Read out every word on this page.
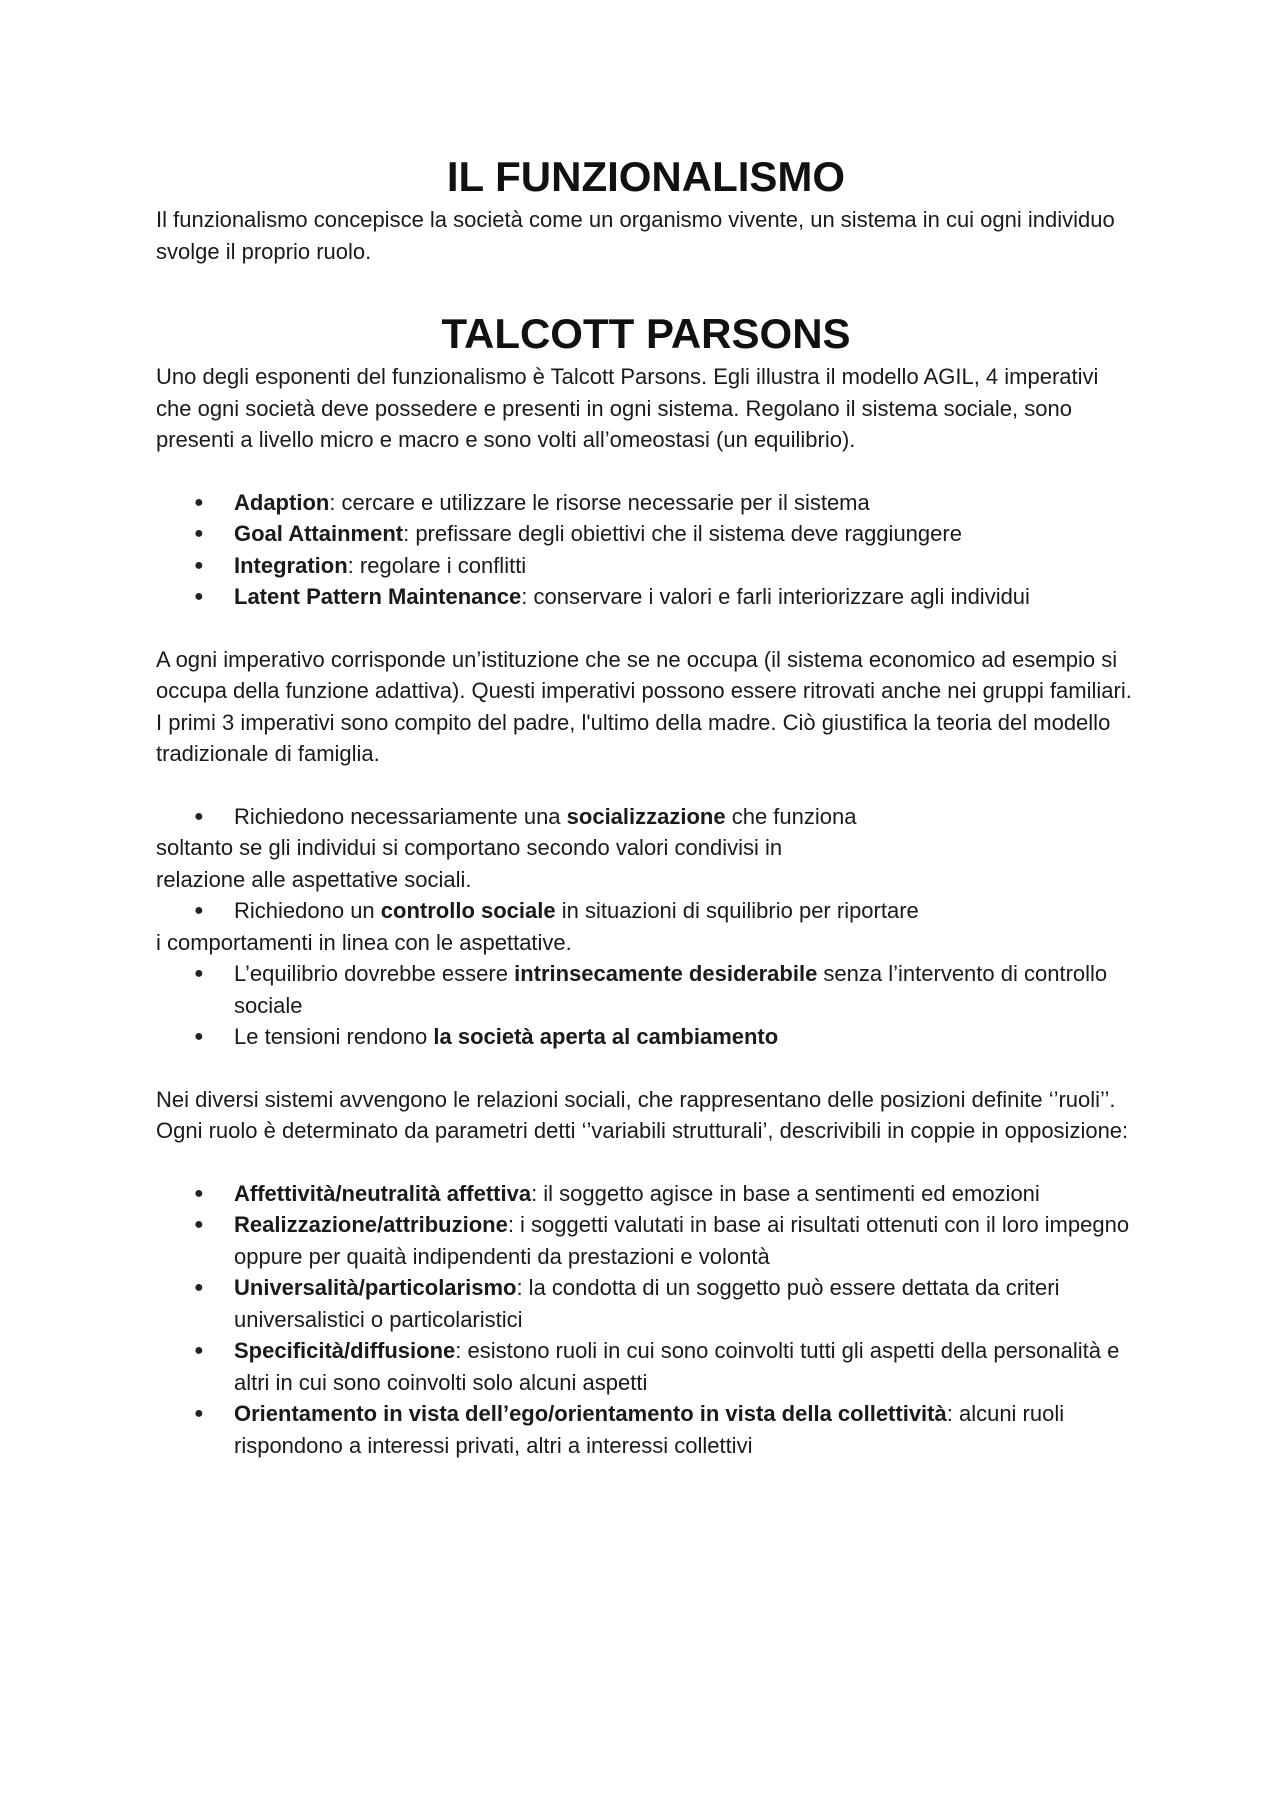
IL FUNZIONALISMO

Il funzionalismo concepisce la società come un organismo vivente, un sistema in cui ogni individuo svolge il proprio ruolo.

TALCOTT PARSONS

Uno degli esponenti del funzionalismo è Talcott Parsons. Egli illustra il modello AGIL, 4 imperativi che ogni società deve possedere e presenti in ogni sistema. Regolano il sistema sociale, sono presenti a livello micro e macro e sono volti all’omeostasi (un equilibrio).

● Adaption: cercare e utilizzare le risorse necessarie per il sistema
● Goal Attainment: prefissare degli obiettivi che il sistema deve raggiungere
● Integration: regolare i conflitti
● Latent Pattern Maintenance: conservare i valori e farli interiorizzare agli individui

A ogni imperativo corrisponde un’istituzione che se ne occupa (il sistema economico ad esempio si occupa della funzione adattiva). Questi imperativi possono essere ritrovati anche nei gruppi familiari. I primi 3 imperativi sono compito del padre, l'ultimo della madre. Ciò giustifica la teoria del modello tradizionale di famiglia.

● Richiedono necessariamente una socializzazione che funziona
soltanto se gli individui si comportano secondo valori condivisi in
relazione alle aspettative sociali.
● Richiedono un controllo sociale in situazioni di squilibrio per riportare
i comportamenti in linea con le aspettative.
● L’equilibrio dovrebbe essere intrinsecamente desiderabile senza l’intervento di controllo sociale
● Le tensioni rendono la società aperta al cambiamento

Nei diversi sistemi avvengono le relazioni sociali, che rappresentano delle posizioni definite ‘’ruoli’’. Ogni ruolo è determinato da parametri detti ‘’variabili strutturali’, descrivibili in coppie in opposizione:

● Affettività/neutralità affettiva: il soggetto agisce in base a sentimenti ed emozioni
● Realizzazione/attribuzione: i soggetti valutati in base ai risultati ottenuti con il loro impegno oppure per quaità indipendenti da prestazioni e volontà
● Universalità/particolarismo: la condotta di un soggetto può essere dettata da criteri universalistici o particolaristici
● Specificità/diffusione: esistono ruoli in cui sono coinvolti tutti gli aspetti della personalità e altri in cui sono coinvolti solo alcuni aspetti
● Orientamento in vista dell’ego/orientamento in vista della collettività: alcuni ruoli rispondono a interessi privati, altri a interessi collettivi
